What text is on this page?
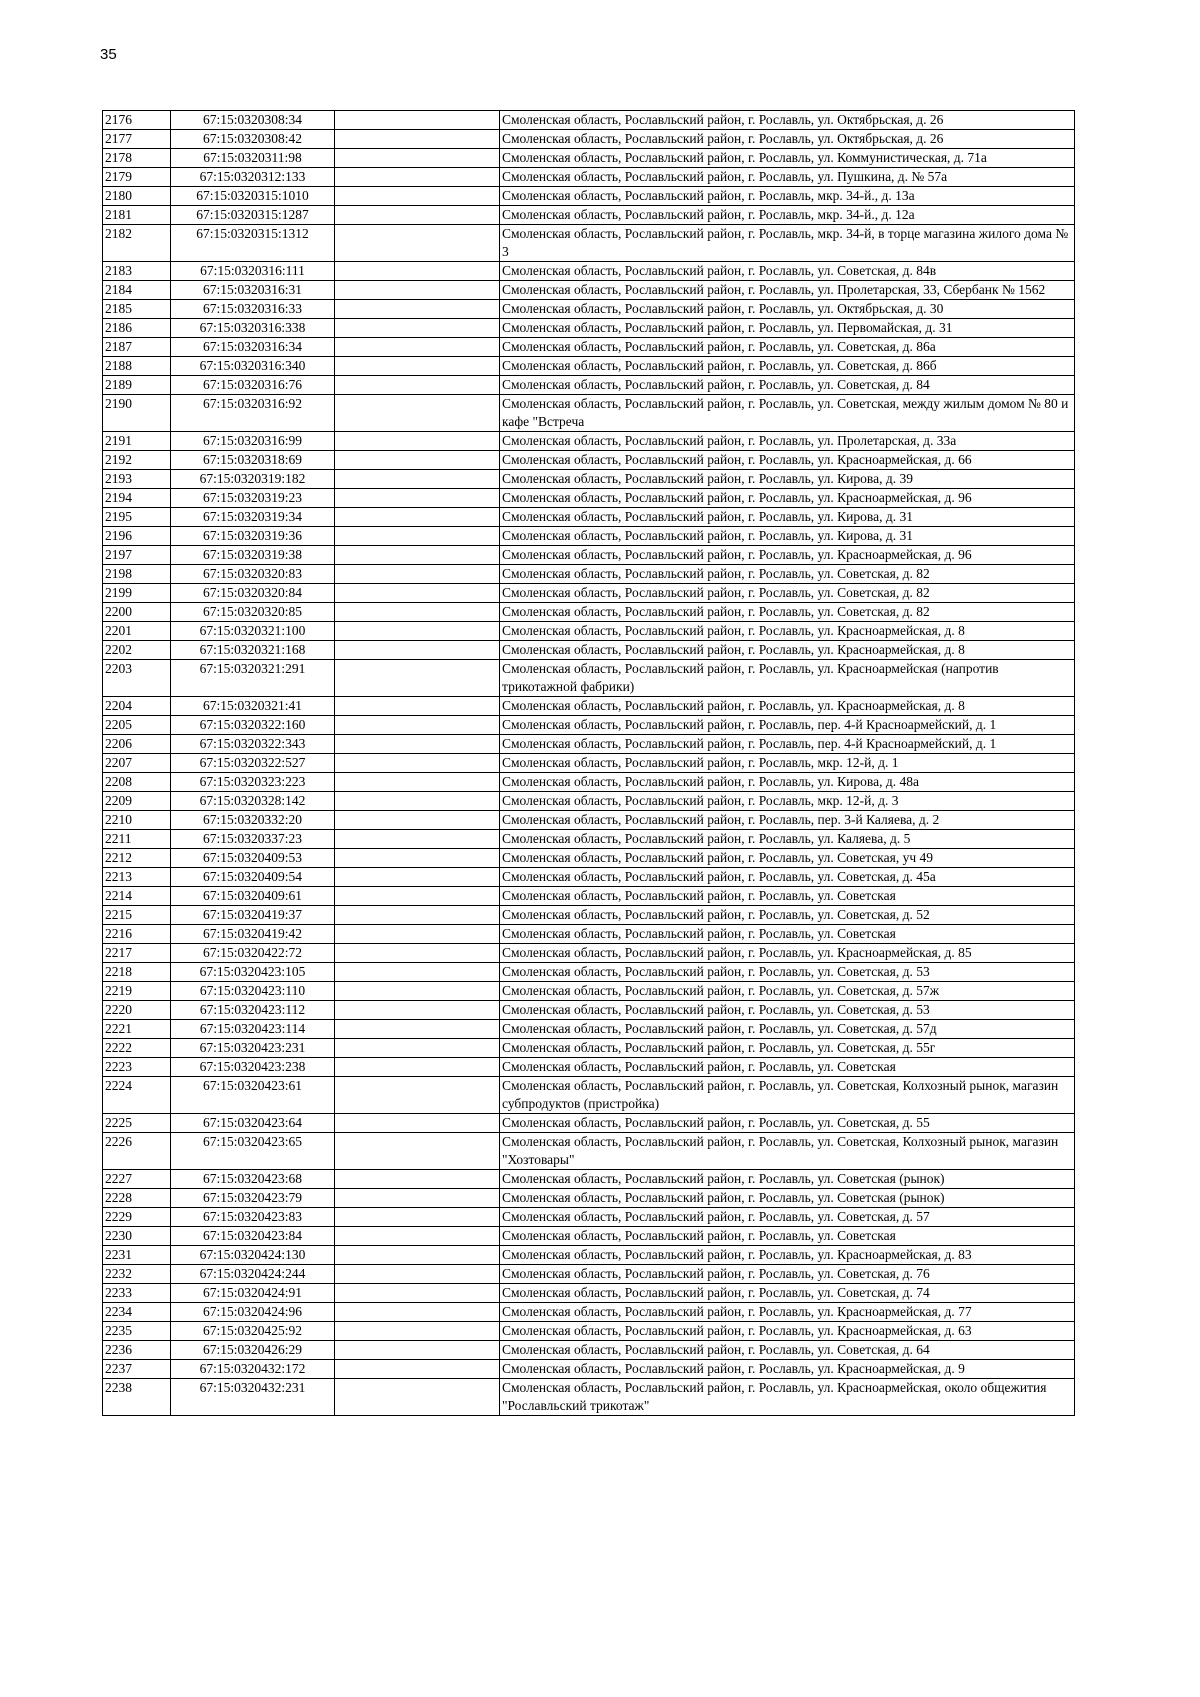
35
2176	67:15:0320308:34		Смоленская область, Рославльский район, г. Рославль, ул. Октябрьская, д. 26
2177	67:15:0320308:42		Смоленская область, Рославльский район, г. Рославль, ул. Октябрьская, д. 26
2178	67:15:0320311:98		Смоленская область, Рославльский район, г. Рославль, ул. Коммунистическая, д. 71а
2179	67:15:0320312:133		Смоленская область, Рославльский район, г. Рославль, ул. Пушкина, д. № 57а
2180	67:15:0320315:1010		Смоленская область, Рославльский район, г. Рославль, мкр. 34-й., д. 13а
2181	67:15:0320315:1287		Смоленская область, Рославльский район, г. Рославль, мкр. 34-й., д. 12а
2182	67:15:0320315:1312		Смоленская область, Рославльский район, г. Рославль, мкр. 34-й, в торце магазина жилого дома № 3
2183	67:15:0320316:111		Смоленская область, Рославльский район, г. Рославль, ул. Советская, д. 84в
2184	67:15:0320316:31		Смоленская область, Рославльский район, г. Рославль, ул. Пролетарская, 33, Сбербанк № 1562
2185	67:15:0320316:33		Смоленская область, Рославльский район, г. Рославль, ул. Октябрьская, д. 30
2186	67:15:0320316:338		Смоленская область, Рославльский район, г. Рославль, ул. Первомайская, д. 31
2187	67:15:0320316:34		Смоленская область, Рославльский район, г. Рославль, ул. Советская, д. 86а
2188	67:15:0320316:340		Смоленская область, Рославльский район, г. Рославль, ул. Советская, д. 86б
2189	67:15:0320316:76		Смоленская область, Рославльский район, г. Рославль, ул. Советская, д. 84
2190	67:15:0320316:92		Смоленская область, Рославльский район, г. Рославль, ул. Советская, между жилым домом № 80 и кафе "Встреча
2191	67:15:0320316:99		Смоленская область, Рославльский район, г. Рославль, ул. Пролетарская, д. 33а
2192	67:15:0320318:69		Смоленская область, Рославльский район, г. Рославль, ул. Красноармейская, д. 66
2193	67:15:0320319:182		Смоленская область, Рославльский район, г. Рославль, ул. Кирова, д. 39
2194	67:15:0320319:23		Смоленская область, Рославльский район, г. Рославль, ул. Красноармейская, д. 96
2195	67:15:0320319:34		Смоленская область, Рославльский район, г. Рославль, ул. Кирова, д. 31
2196	67:15:0320319:36		Смоленская область, Рославльский район, г. Рославль, ул. Кирова, д. 31
2197	67:15:0320319:38		Смоленская область, Рославльский район, г. Рославль, ул. Красноармейская, д. 96
2198	67:15:0320320:83		Смоленская область, Рославльский район, г. Рославль, ул. Советская, д. 82
2199	67:15:0320320:84		Смоленская область, Рославльский район, г. Рославль, ул. Советская, д. 82
2200	67:15:0320320:85		Смоленская область, Рославльский район, г. Рославль, ул. Советская, д. 82
2201	67:15:0320321:100		Смоленская область, Рославльский район, г. Рославль, ул. Красноармейская, д. 8
2202	67:15:0320321:168		Смоленская область, Рославльский район, г. Рославль, ул. Красноармейская, д. 8
2203	67:15:0320321:291		Смоленская область, Рославльский район, г. Рославль, ул. Красноармейская (напротив трикотажной фабрики)
2204	67:15:0320321:41		Смоленская область, Рославльский район, г. Рославль, ул. Красноармейская, д. 8
2205	67:15:0320322:160		Смоленская область, Рославльский район, г. Рославль, пер. 4-й Красноармейский, д. 1
2206	67:15:0320322:343		Смоленская область, Рославльский район, г. Рославль, пер. 4-й Красноармейский, д. 1
2207	67:15:0320322:527		Смоленская область, Рославльский район, г. Рославль, мкр. 12-й, д. 1
2208	67:15:0320323:223		Смоленская область, Рославльский район, г. Рославль, ул. Кирова, д. 48а
2209	67:15:0320328:142		Смоленская область, Рославльский район, г. Рославль, мкр. 12-й, д. 3
2210	67:15:0320332:20		Смоленская область, Рославльский район, г. Рославль, пер. 3-й Каляева, д. 2
2211	67:15:0320337:23		Смоленская область, Рославльский район, г. Рославль, ул. Каляева, д. 5
2212	67:15:0320409:53		Смоленская область, Рославльский район, г. Рославль, ул. Советская, уч 49
2213	67:15:0320409:54		Смоленская область, Рославльский район, г. Рославль, ул. Советская, д. 45а
2214	67:15:0320409:61		Смоленская область, Рославльский район, г. Рославль, ул. Советская
2215	67:15:0320419:37		Смоленская область, Рославльский район, г. Рославль, ул. Советская, д. 52
2216	67:15:0320419:42		Смоленская область, Рославльский район, г. Рославль, ул. Советская
2217	67:15:0320422:72		Смоленская область, Рославльский район, г. Рославль, ул. Красноармейская, д. 85
2218	67:15:0320423:105		Смоленская область, Рославльский район, г. Рославль, ул. Советская, д. 53
2219	67:15:0320423:110		Смоленская область, Рославльский район, г. Рославль, ул. Советская, д. 57ж
2220	67:15:0320423:112		Смоленская область, Рославльский район, г. Рославль, ул. Советская, д. 53
2221	67:15:0320423:114		Смоленская область, Рославльский район, г. Рославль, ул. Советская, д. 57д
2222	67:15:0320423:231		Смоленская область, Рославльский район, г. Рославль, ул. Советская, д. 55г
2223	67:15:0320423:238		Смоленская область, Рославльский район, г. Рославль, ул. Советская
2224	67:15:0320423:61		Смоленская область, Рославльский район, г. Рославль, ул. Советская, Колхозный рынок, магазин субпродуктов (пристройка)
2225	67:15:0320423:64		Смоленская область, Рославльский район, г. Рославль, ул. Советская, д. 55
2226	67:15:0320423:65		Смоленская область, Рославльский район, г. Рославль, ул. Советская, Колхозный рынок, магазин "Хозтовары"
2227	67:15:0320423:68		Смоленская область, Рославльский район, г. Рославль, ул. Советская (рынок)
2228	67:15:0320423:79		Смоленская область, Рославльский район, г. Рославль, ул. Советская (рынок)
2229	67:15:0320423:83		Смоленская область, Рославльский район, г. Рославль, ул. Советская, д. 57
2230	67:15:0320423:84		Смоленская область, Рославльский район, г. Рославль, ул. Советская
2231	67:15:0320424:130		Смоленская область, Рославльский район, г. Рославль, ул. Красноармейская, д. 83
2232	67:15:0320424:244		Смоленская область, Рославльский район, г. Рославль, ул. Советская, д. 76
2233	67:15:0320424:91		Смоленская область, Рославльский район, г. Рославль, ул. Советская, д. 74
2234	67:15:0320424:96		Смоленская область, Рославльский район, г. Рославль, ул. Красноармейская, д. 77
2235	67:15:0320425:92		Смоленская область, Рославльский район, г. Рославль, ул. Красноармейская, д. 63
2236	67:15:0320426:29		Смоленская область, Рославльский район, г. Рославль, ул. Советская, д. 64
2237	67:15:0320432:172		Смоленская область, Рославльский район, г. Рославль, ул. Красноармейская, д. 9
2238	67:15:0320432:231		Смоленская область, Рославльский район, г. Рославль, ул. Красноармейская, около общежития "Рославльский трикотаж"
